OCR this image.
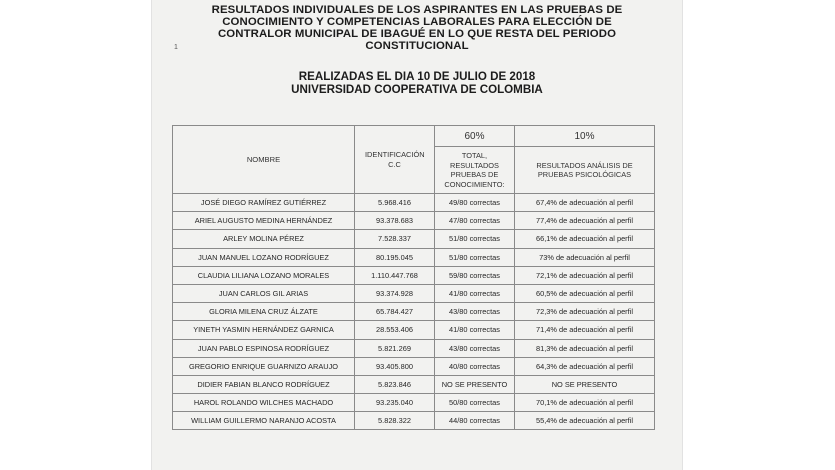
RESULTADOS INDIVIDUALES DE LOS ASPIRANTES EN LAS PRUEBAS DE
CONOCIMIENTO Y COMPETENCIAS LABORALES PARA ELECCIÓN DE
CONTRALOR MUNICIPAL DE IBAGUÉ EN LO QUE RESTA DEL PERIODO
CONSTITUCIONAL
1
REALIZADAS EL DIA 10 DE JULIO DE 2018
UNIVERSIDAD COOPERATIVA DE COLOMBIA
NOMBRE	IDENTIFICACIÓN C.C	60%	10%
		TOTAL, RESULTADOS PRUEBAS DE CONOCIMIENTO:	RESULTADOS ANÁLISIS DE PRUEBAS PSICOLÓGICAS
JOSÉ DIEGO RAMÍREZ GUTIÉRREZ	5.968.416	49/80 correctas	67,4% de adecuación al perfil
ARIEL AUGUSTO MEDINA HERNÁNDEZ	93.378.683	47/80 correctas	77,4% de adecuación al perfil
ARLEY MOLINA PÉREZ	7.528.337	51/80 correctas	66,1% de adecuación al perfil
JUAN MANUEL LOZANO RODRÍGUEZ	80.195.045	51/80 correctas	73% de adecuación al perfil
CLAUDIA LILIANA LOZANO MORALES	1.110.447.768	59/80 correctas	72,1% de adecuación al perfil
JUAN CARLOS GIL ARIAS	93.374.928	41/80 correctas	60,5% de adecuación al perfil
GLORIA MILENA CRUZ ÁLZATE	65.784.427	43/80 correctas	72,3% de adecuación al perfil
YINETH YASMIN HERNÁNDEZ GARNICA	28.553.406	41/80 correctas	71,4% de adecuación al perfil
JUAN PABLO ESPINOSA RODRÍGUEZ	5.821.269	43/80 correctas	81,3% de adecuación al perfil
GREGORIO ENRIQUE GUARNIZO ARAUJO	93.405.800	40/80 correctas	64,3% de adecuación al perfil
DIDIER FABIAN BLANCO RODRÍGUEZ	5.823.846	NO SE PRESENTO	NO SE PRESENTO
HAROL ROLANDO WILCHES MACHADO	93.235.040	50/80 correctas	70,1% de adecuación al perfil
WILLIAM GUILLERMO NARANJO ACOSTA	5.828.322	44/80 correctas	55,4% de adecuación al perfil
